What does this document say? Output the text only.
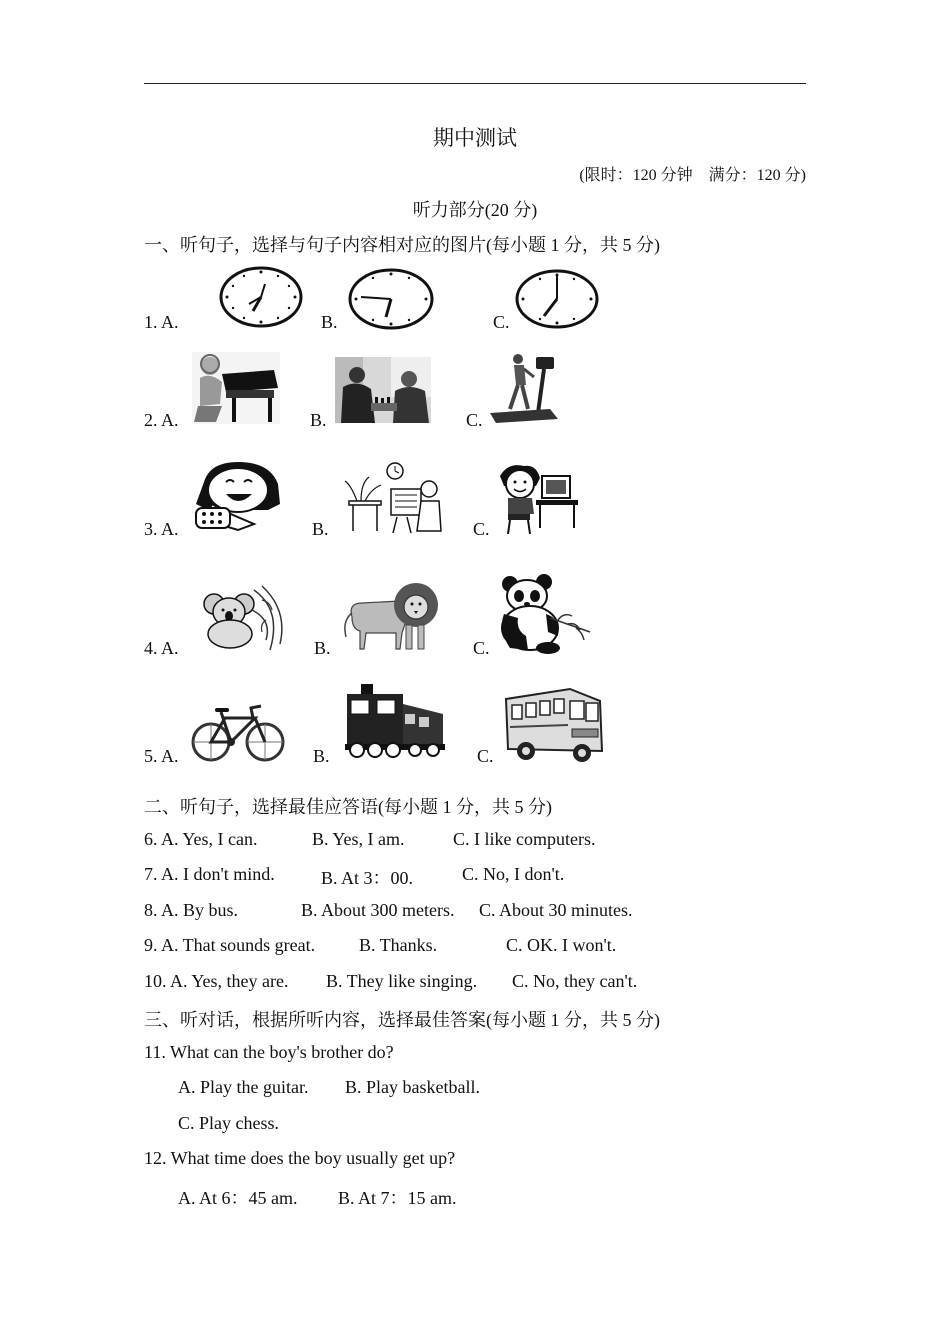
期中测试
(限时：120 分钟　满分：120 分)
听力部分(20 分)
一、听句子，选择与句子内容相对应的图片(每小题 1 分，共 5 分)
1. A.	B.	C.
2. A.	B.	C.
3. A.	B.	C.
4. A.	B.	C.
5. A.	B.	C.
二、听句子，选择最佳应答语(每小题 1 分，共 5 分)
6. A. Yes, I can.	B. Yes, I am.	C. I like computers.
7. A. I don't mind.	B. At 3：00.	C. No, I don't.
8. A. By bus.	B. About 300 meters. C. About 30 minutes.
9. A. That sounds great. B. Thanks.	C. OK. I won't.
10. A. Yes, they are. B. They like singing. C. No, they can't.
三、听对话，根据所听内容，选择最佳答案(每小题 1 分，共 5 分)
11. What can the boy's brother do?
A. Play the guitar. B. Play basketball.
C. Play chess.
12. What time does the boy usually get up?
A. At 6：45 am. B. At 7：15 am.
